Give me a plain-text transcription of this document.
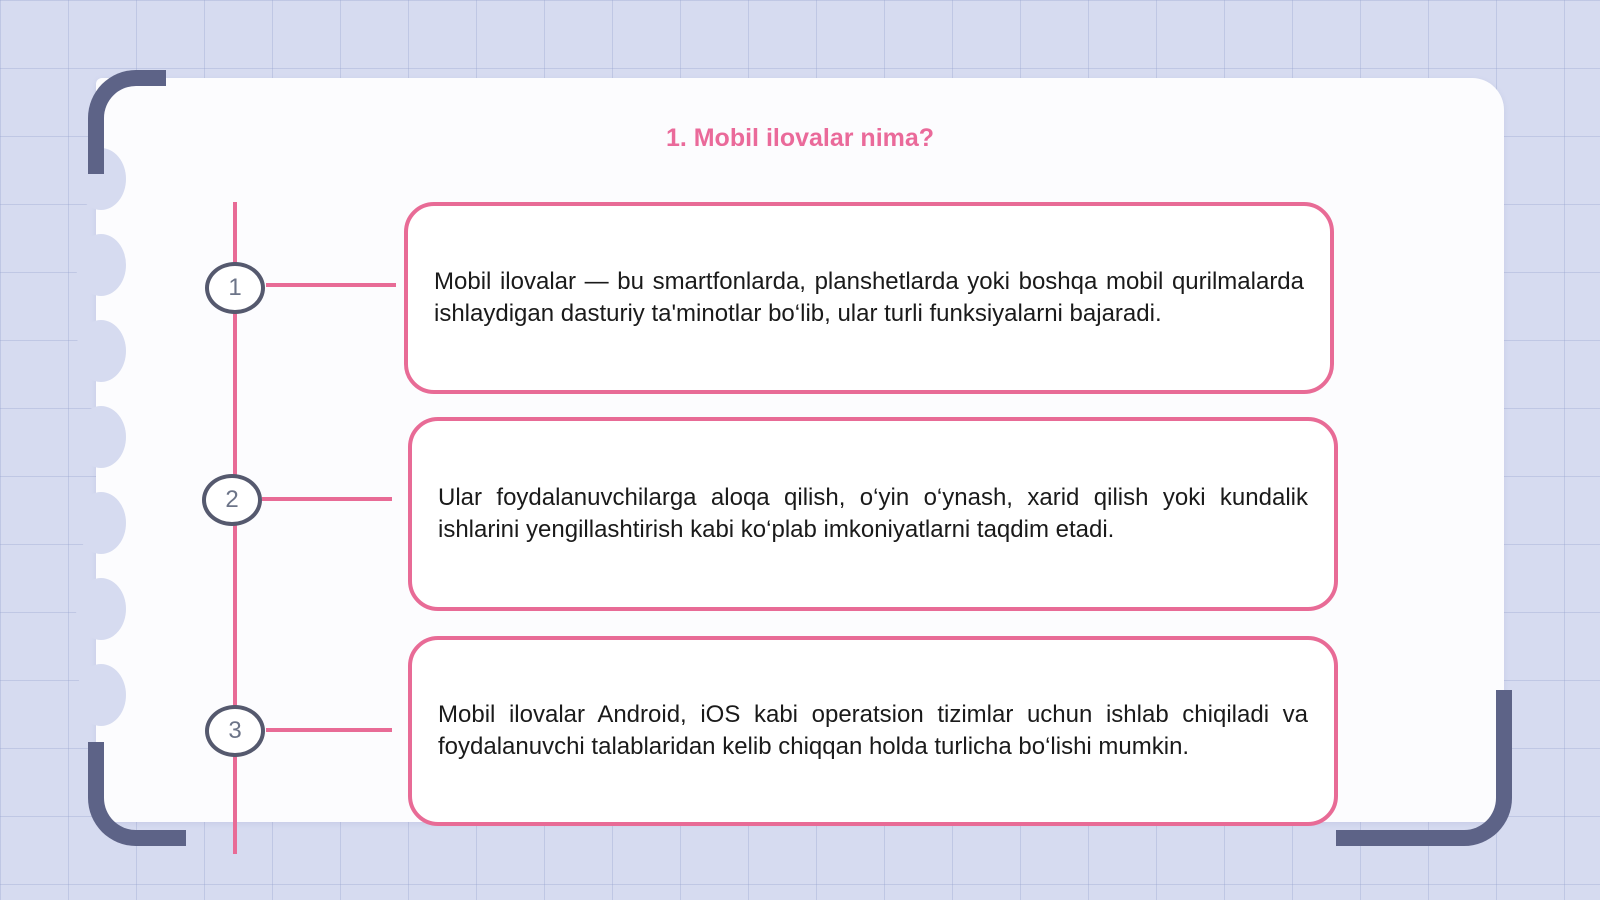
1. Mobil ilovalar nima?
1	Mobil ilovalar — bu smartfonlarda, planshetlarda yoki boshqa mobil qurilmalarda ishlaydigan dasturiy ta'minotlar bo‘lib, ular turli funksiyalarni bajaradi.
2	Ular foydalanuvchilarga aloqa qilish, o‘yin o‘ynash, xarid qilish yoki kundalik ishlarini yengillashtirish kabi ko‘plab imkoniyatlarni taqdim etadi.
3
Mobil ilovalar Android, iOS kabi operatsion tizimlar uchun ishlab chiqiladi va foydalanuvchi talablaridan kelib chiqqan holda turlicha bo‘lishi mumkin.
